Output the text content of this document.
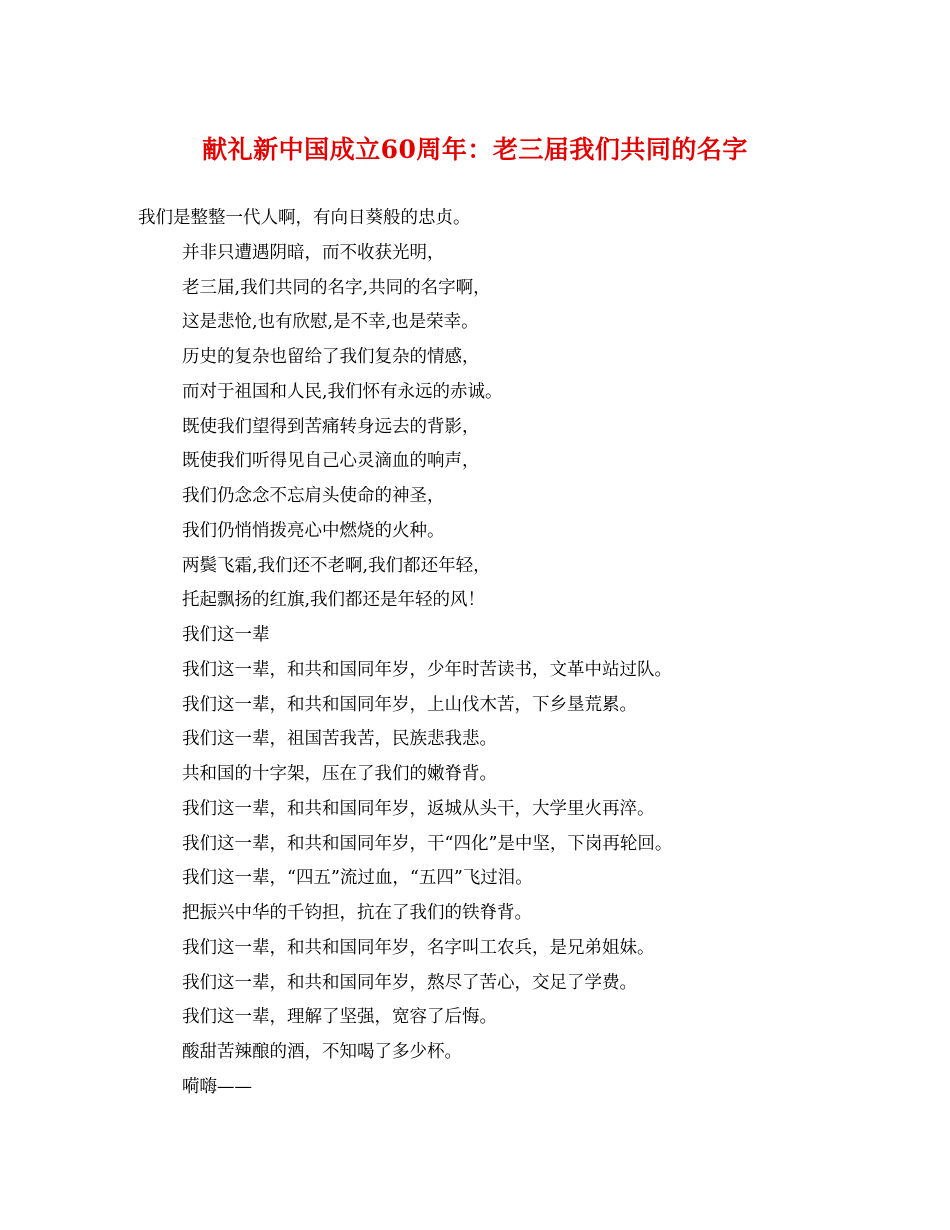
献礼新中国成立60周年：老三届我们共同的名字

我们是整整一代人啊，有向日葵般的忠贞。

并非只遭遇阴暗，而不收获光明，

老三届,我们共同的名字,共同的名字啊，

这是悲怆,也有欣慰,是不幸,也是荣幸。

历史的复杂也留给了我们复杂的情感，

而对于祖国和人民,我们怀有永远的赤诚。

既使我们望得到苦痛转身远去的背影，

既使我们听得见自己心灵滴血的响声，

我们仍念念不忘肩头使命的神圣，

我们仍悄悄拨亮心中燃烧的火种。

两鬓飞霜,我们还不老啊,我们都还年轻，

托起飘扬的红旗,我们都还是年轻的风！

我们这一辈

我们这一辈，和共和国同年岁，少年时苦读书，文革中站过队。

我们这一辈，和共和国同年岁，上山伐木苦，下乡垦荒累。

我们这一辈，祖国苦我苦，民族悲我悲。

共和国的十字架，压在了我们的嫩脊背。

我们这一辈，和共和国同年岁，返城从头干，大学里火再淬。

我们这一辈，和共和国同年岁，干“四化”是中坚，下岗再轮回。

我们这一辈，“四五”流过血，“五四”飞过泪。

把振兴中华的千钧担，抗在了我们的铁脊背。

我们这一辈，和共和国同年岁，名字叫工农兵，是兄弟姐妹。

我们这一辈，和共和国同年岁，熬尽了苦心，交足了学费。

我们这一辈，理解了坚强，宽容了后悔。

酸甜苦辣酿的酒，不知喝了多少杯。

嗬嗨——
